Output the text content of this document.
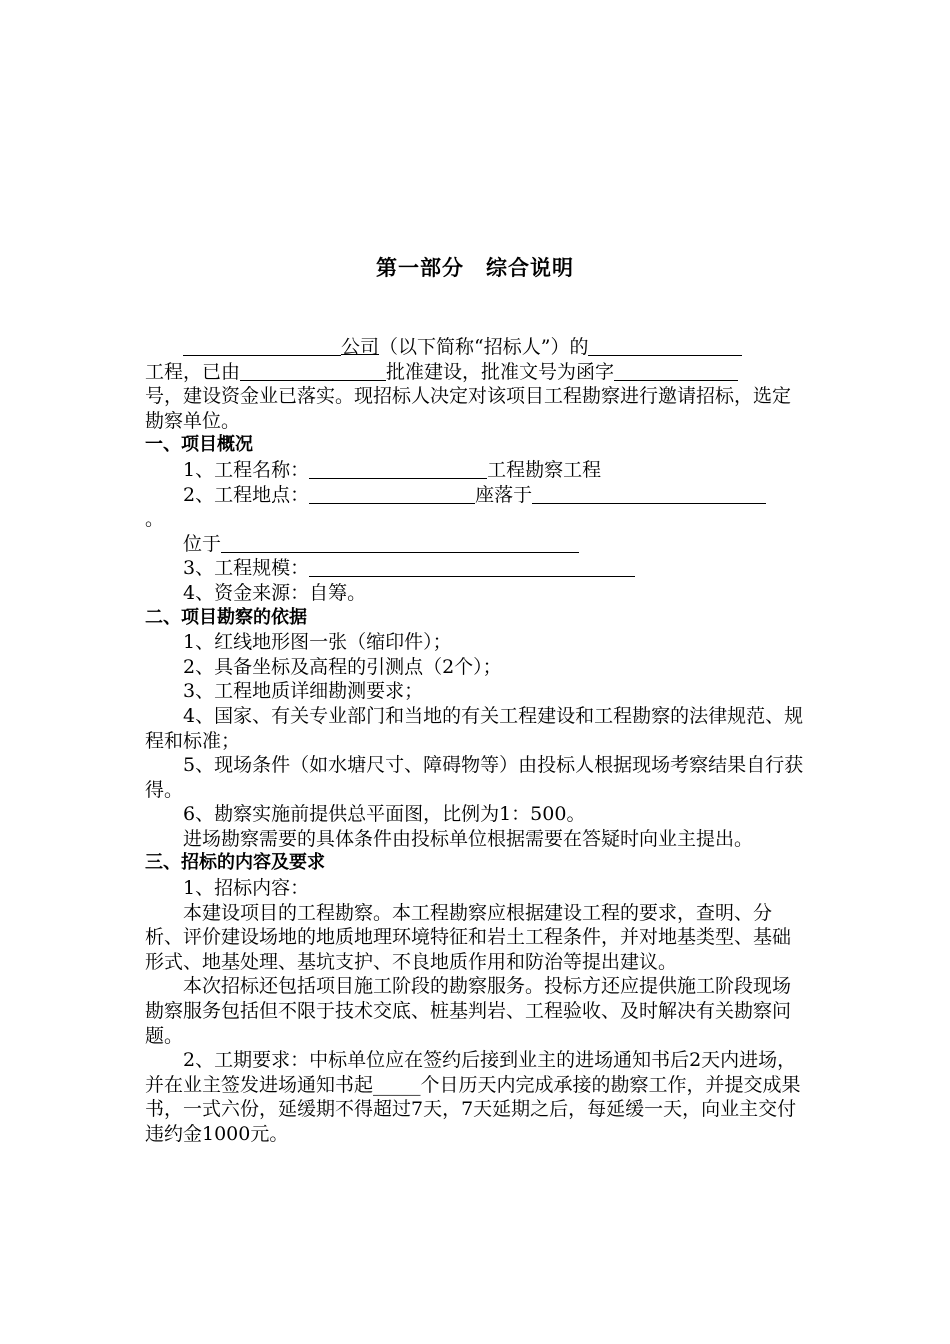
第一部分　综合说明

公司（以下简称“招标人”）的

工程，已由	批准建设，批准文号为函字

号，建设资金业已落实。现招标人决定对该项目工程勘察进行邀请招标，选定勘察单位。

一、项目概况

1、工程名称：	工程勘察工程

2、工程地点：	座落于

。

位于

3、工程规模：

4、资金来源：自筹。

二、项目勘察的依据

1、红线地形图一张（缩印件）；

2、具备坐标及高程的引测点（2个）；

3、工程地质详细勘测要求；

4、国家、有关专业部门和当地的有关工程建设和工程勘察的法律规范、规程和标准；

5、现场条件（如水塘尺寸、障碍物等）由投标人根据现场考察结果自行获得。

6、勘察实施前提供总平面图，比例为1：500。

进场勘察需要的具体条件由投标单位根据需要在答疑时向业主提出。

三、招标的内容及要求

1、招标内容：

本建设项目的工程勘察。本工程勘察应根据建设工程的要求，查明、分析、评价建设场地的地质地理环境特征和岩土工程条件，并对地基类型、基础形式、地基处理、基坑支护、不良地质作用和防治等提出建议。

本次招标还包括项目施工阶段的勘察服务。投标方还应提供施工阶段现场勘察服务包括但不限于技术交底、桩基判岩、工程验收、及时解决有关勘察问题。

2、工期要求：中标单位应在签约后接到业主的进场通知书后2天内进场，并在业主签发进场通知书起_____个日历天内完成承接的勘察工作，并提交成果书，一式六份，延缓期不得超过7天，7天延期之后，每延缓一天，向业主交付违约金1000元。
